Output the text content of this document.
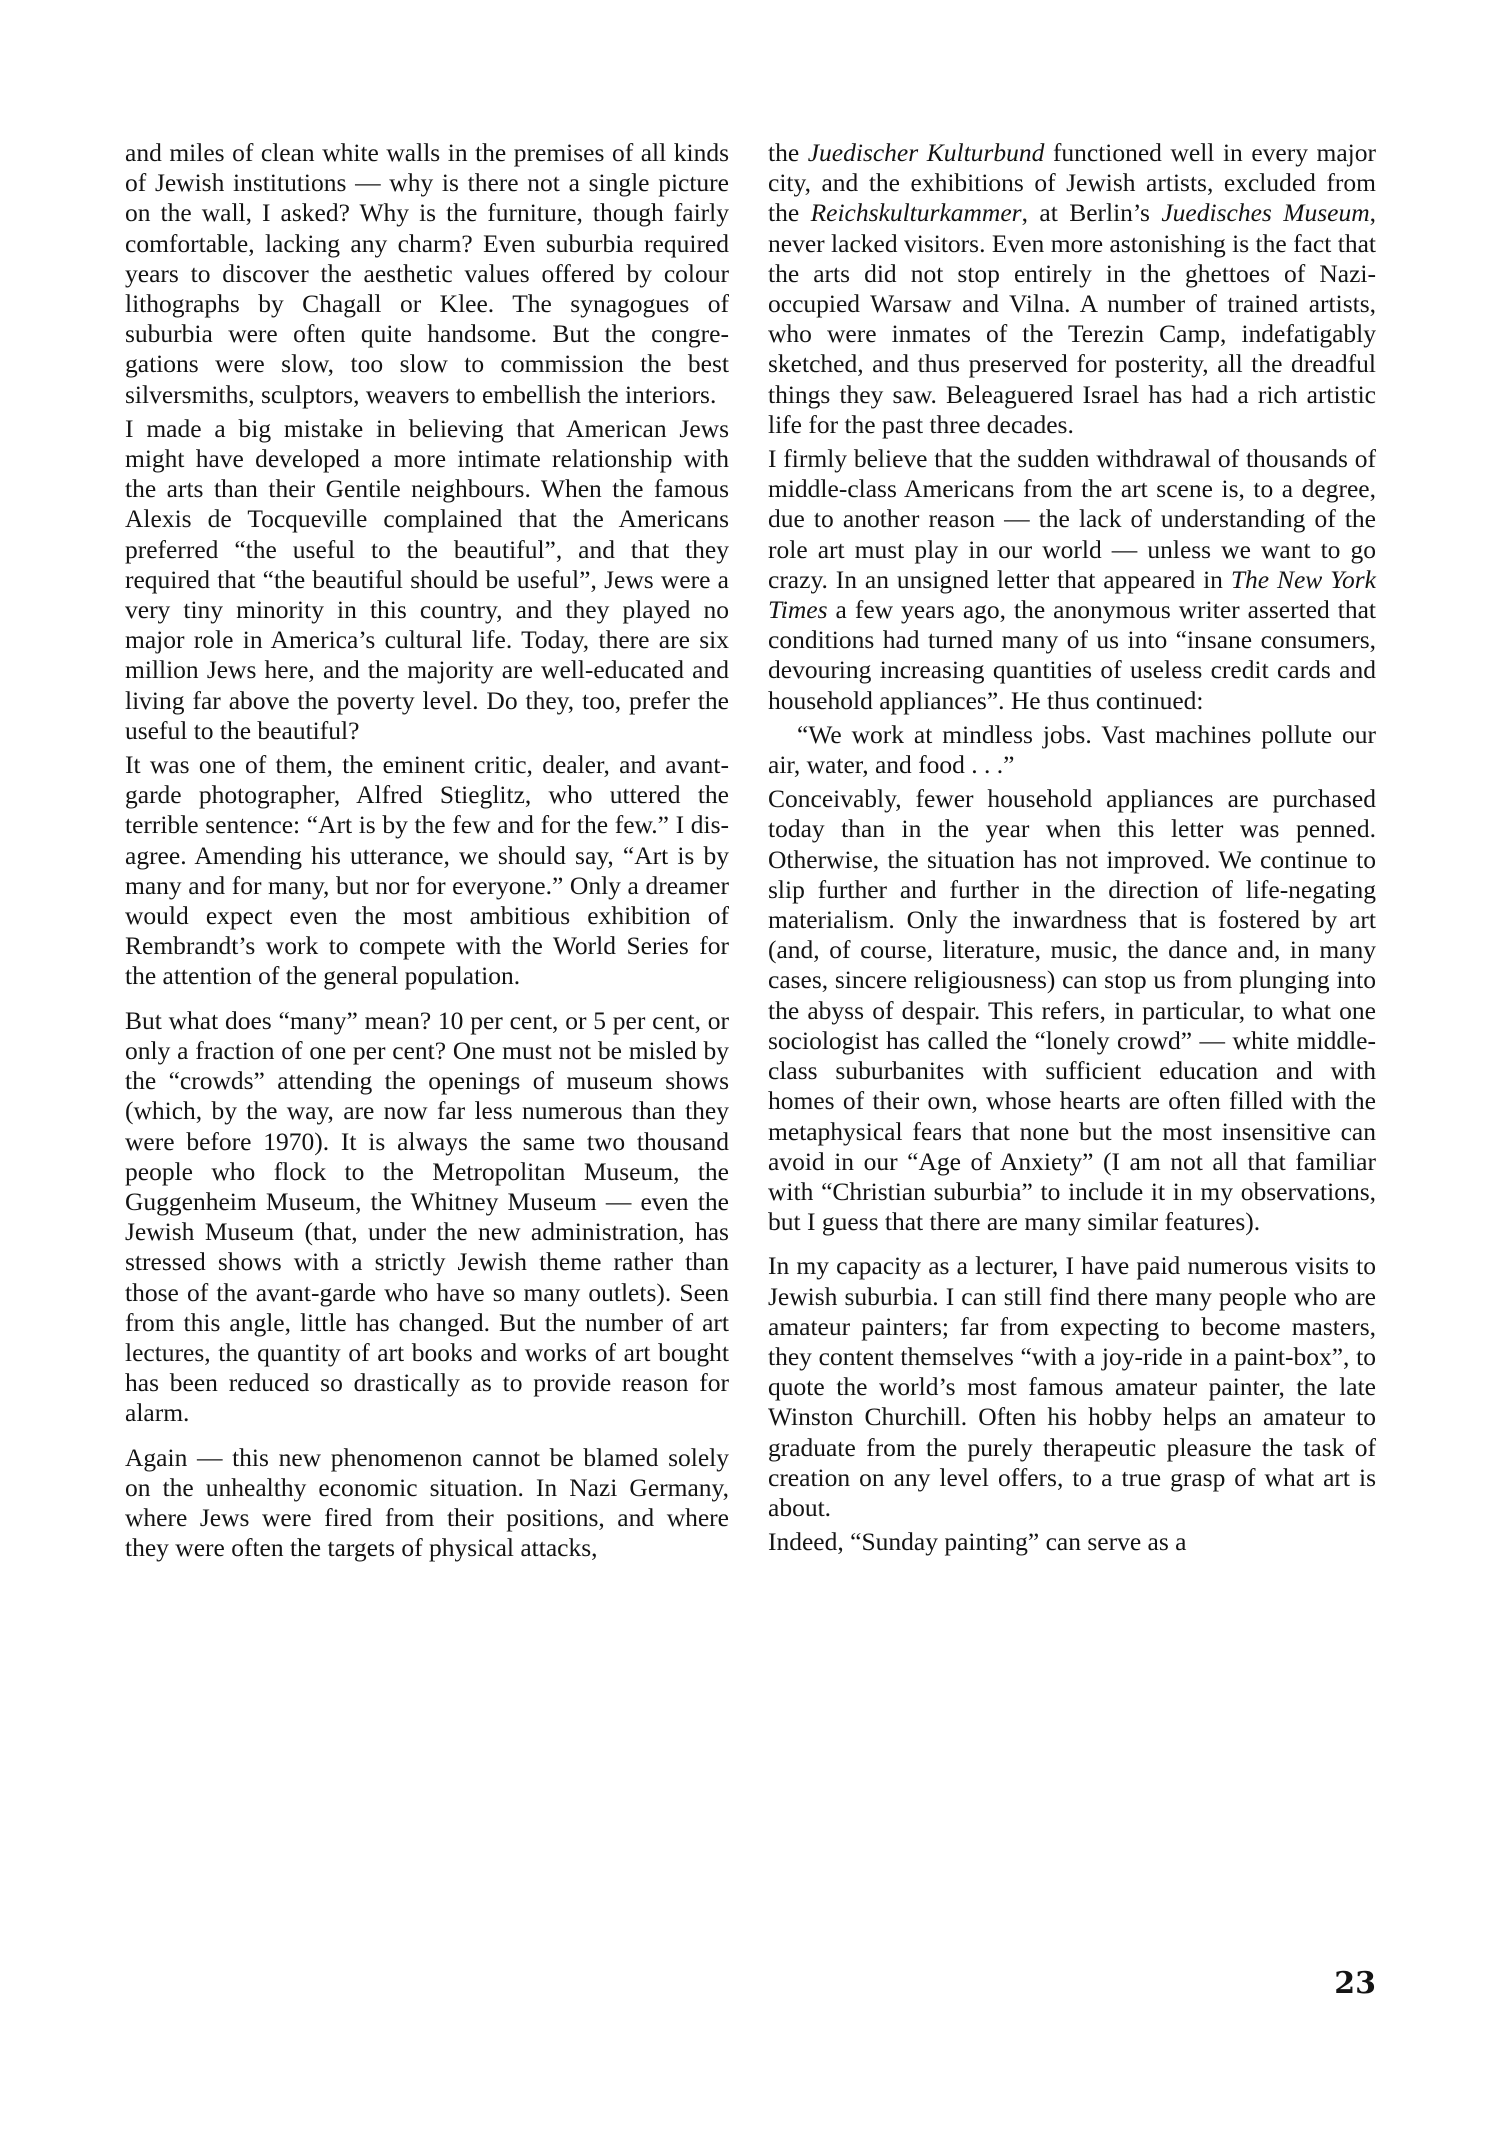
and miles of clean white walls in the premises of all kinds of Jewish institutions — why is there not a single picture on the wall, I asked? Why is the furniture, though fairly comfortable, lacking any charm? Even suburbia required years to discover the aesthetic values offered by colour lithographs by Chagall or Klee. The synagogues of suburbia were often quite handsome. But the congregations were slow, too slow to commission the best silversmiths, sculptors, weavers to embellish the interiors.

I made a big mistake in believing that American Jews might have developed a more intimate relationship with the arts than their Gentile neighbours. When the famous Alexis de Tocqueville complained that the Americans preferred “the useful to the beautiful”, and that they required that “the beautiful should be useful”, Jews were a very tiny minority in this country, and they played no major role in America’s cultural life. Today, there are six million Jews here, and the majority are well-educated and living far above the poverty level. Do they, too, prefer the useful to the beautiful?

It was one of them, the eminent critic, dealer, and avant-garde photographer, Alfred Stieglitz, who uttered the terrible sentence: “Art is by the few and for the few.” I disagree. Amending his utterance, we should say, “Art is by many and for many, but nor for everyone.” Only a dreamer would expect even the most ambitious exhibition of Rembrandt’s work to compete with the World Series for the attention of the general population.

But what does “many” mean? 10 per cent, or 5 per cent, or only a fraction of one per cent? One must not be misled by the “crowds” attending the openings of museum shows (which, by the way, are now far less numerous than they were before 1970). It is always the same two thousand people who flock to the Metropolitan Museum, the Guggenheim Museum, the Whitney Museum — even the Jewish Museum (that, under the new administration, has stressed shows with a strictly Jewish theme rather than those of the avant-garde who have so many outlets). Seen from this angle, little has changed. But the number of art lectures, the quantity of art books and works of art bought has been reduced so drastically as to provide reason for alarm.

Again — this new phenomenon cannot be blamed solely on the unhealthy economic situation. In Nazi Germany, where Jews were fired from their positions, and where they were often the targets of physical attacks,

the Juedischer Kulturbund functioned well in every major city, and the exhibitions of Jewish artists, excluded from the Reichskulturkammer, at Berlin’s Juedisches Museum, never lacked visitors. Even more astonishing is the fact that the arts did not stop entirely in the ghettoes of Nazi-occupied Warsaw and Vilna. A number of trained artists, who were inmates of the Terezin Camp, indefatigably sketched, and thus preserved for posterity, all the dreadful things they saw. Beleaguered Israel has had a rich artistic life for the past three decades.

I firmly believe that the sudden withdrawal of thousands of middle-class Americans from the art scene is, to a degree, due to another reason — the lack of understanding of the role art must play in our world — unless we want to go crazy. In an unsigned letter that appeared in The New York Times a few years ago, the anonymous writer asserted that conditions had turned many of us into “insane consumers, devouring increasing quantities of useless credit cards and household appliances”. He thus continued:

“We work at mindless jobs. Vast machines pollute our air, water, and food . . .”

Conceivably, fewer household appliances are purchased today than in the year when this letter was penned. Otherwise, the situation has not improved. We continue to slip further and further in the direction of life-negating materialism. Only the inwardness that is fostered by art (and, of course, literature, music, the dance and, in many cases, sincere religiousness) can stop us from plunging into the abyss of despair. This refers, in particular, to what one sociologist has called the “lonely crowd” — white middle-class suburbanites with sufficient education and with homes of their own, whose hearts are often filled with the metaphysical fears that none but the most insensitive can avoid in our “Age of Anxiety” (I am not all that familiar with “Christian suburbia” to include it in my observations, but I guess that there are many similar features).

In my capacity as a lecturer, I have paid numerous visits to Jewish suburbia. I can still find there many people who are amateur painters; far from expecting to become masters, they content themselves “with a joy-ride in a paint-box”, to quote the world’s most famous amateur painter, the late Winston Churchill. Often his hobby helps an amateur to graduate from the purely therapeutic pleasure the task of creation on any level offers, to a true grasp of what art is about.

Indeed, “Sunday painting” can serve as a

23
